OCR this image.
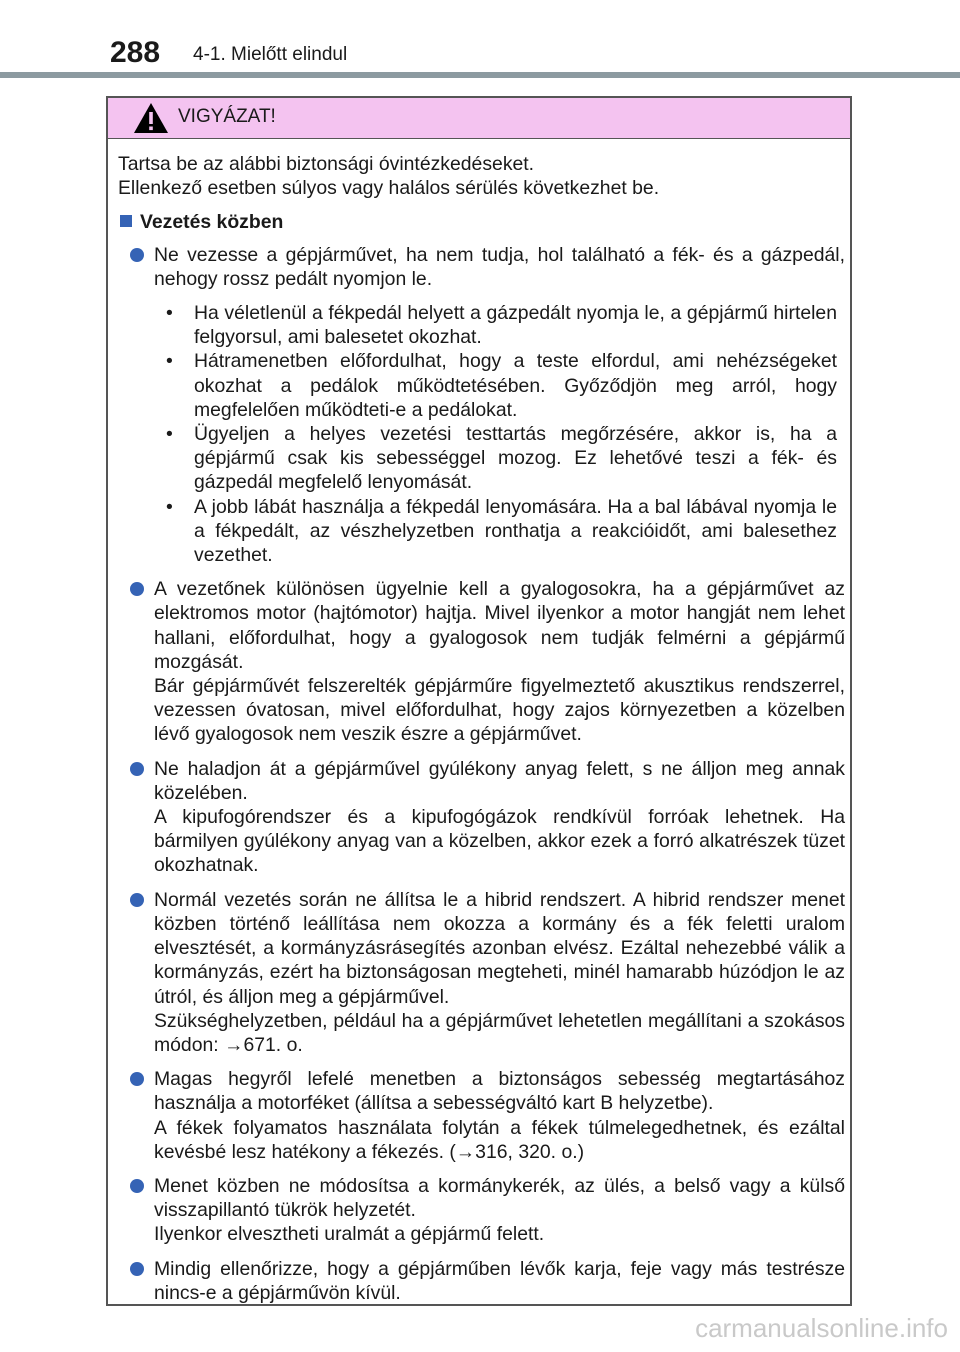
288 4-1. Mielőtt elindul
VIGYÁZAT!

Tartsa be az alábbi biztonsági óvintézkedéseket.
Ellenkező esetben súlyos vagy halálos sérülés következhet be.

Vezetés közben

Ne vezesse a gépjárművet, ha nem tudja, hol található a fék- és a gázpedál, nehogy rossz pedált nyomjon le.

• Ha véletlenül a fékpedál helyett a gázpedált nyomja le, a gépjármű hirtelen felgyorsul, ami balesetet okozhat.
• Hátramenetben előfordulhat, hogy a teste elfordul, ami nehézségeket okozhat a pedálok működtetésében. Győződjön meg arról, hogy megfelelően működteti-e a pedálokat.
• Ügyeljen a helyes vezetési testtartás megőrzésére, akkor is, ha a gépjármű csak kis sebességgel mozog. Ez lehetővé teszi a fék- és gázpedál megfelelő lenyomását.
• A jobb lábát használja a fékpedál lenyomására. Ha a bal lábával nyomja le a fékpedált, az vészhelyzetben ronthatja a reakcióidőt, ami balesethez vezethet.

A vezetőnek különösen ügyelnie kell a gyalogosokra, ha a gépjárművet az elektromos motor (hajtómotor) hajtja. Mivel ilyenkor a motor hangját nem lehet hallani, előfordulhat, hogy a gyalogosok nem tudják felmérni a gépjármű mozgását.

Bár gépjárművét felszerelték gépjárműre figyelmeztető akusztikus rendszerrel, vezessen óvatosan, mivel előfordulhat, hogy zajos környezetben a közelben lévő gyalogosok nem veszik észre a gépjárművet.

Ne haladjon át a gépjárművel gyúlékony anyag felett, s ne álljon meg annak közelében.

A kipufogórendszer és a kipufogógázok rendkívül forróak lehetnek. Ha bármilyen gyúlékony anyag van a közelben, akkor ezek a forró alkatrészek tüzet okozhatnak.

Normál vezetés során ne állítsa le a hibrid rendszert. A hibrid rendszer menet közben történő leállítása nem okozza a kormány és a fék feletti uralom elvesztését, a kormányzásrásegítés azonban elvész. Ezáltal nehezebbé válik a kormányzás, ezért ha biztonságosan megteheti, minél hamarabb húzódjon le az útról, és álljon meg a gépjárművel.

Szükséghelyzetben, például ha a gépjárművet lehetetlen megállítani a szokásos módon: →671. o.

Magas hegyről lefelé menetben a biztonságos sebesség megtartásához használja a motorféket (állítsa a sebességváltó kart B helyzetbe).

A fékek folyamatos használata folytán a fékek túlmelegedhetnek, és ezáltal kevésbé lesz hatékony a fékezés. (→316, 320. o.)

Menet közben ne módosítsa a kormánykerék, az ülés, a belső vagy a külső visszapillantó tükrök helyzetét.

Ilyenkor elvesztheti uralmát a gépjármű felett.

Mindig ellenőrizze, hogy a gépjárműben lévők karja, feje vagy más testrésze nincs-e a gépjárművön kívül.

carmanualsonline.info
